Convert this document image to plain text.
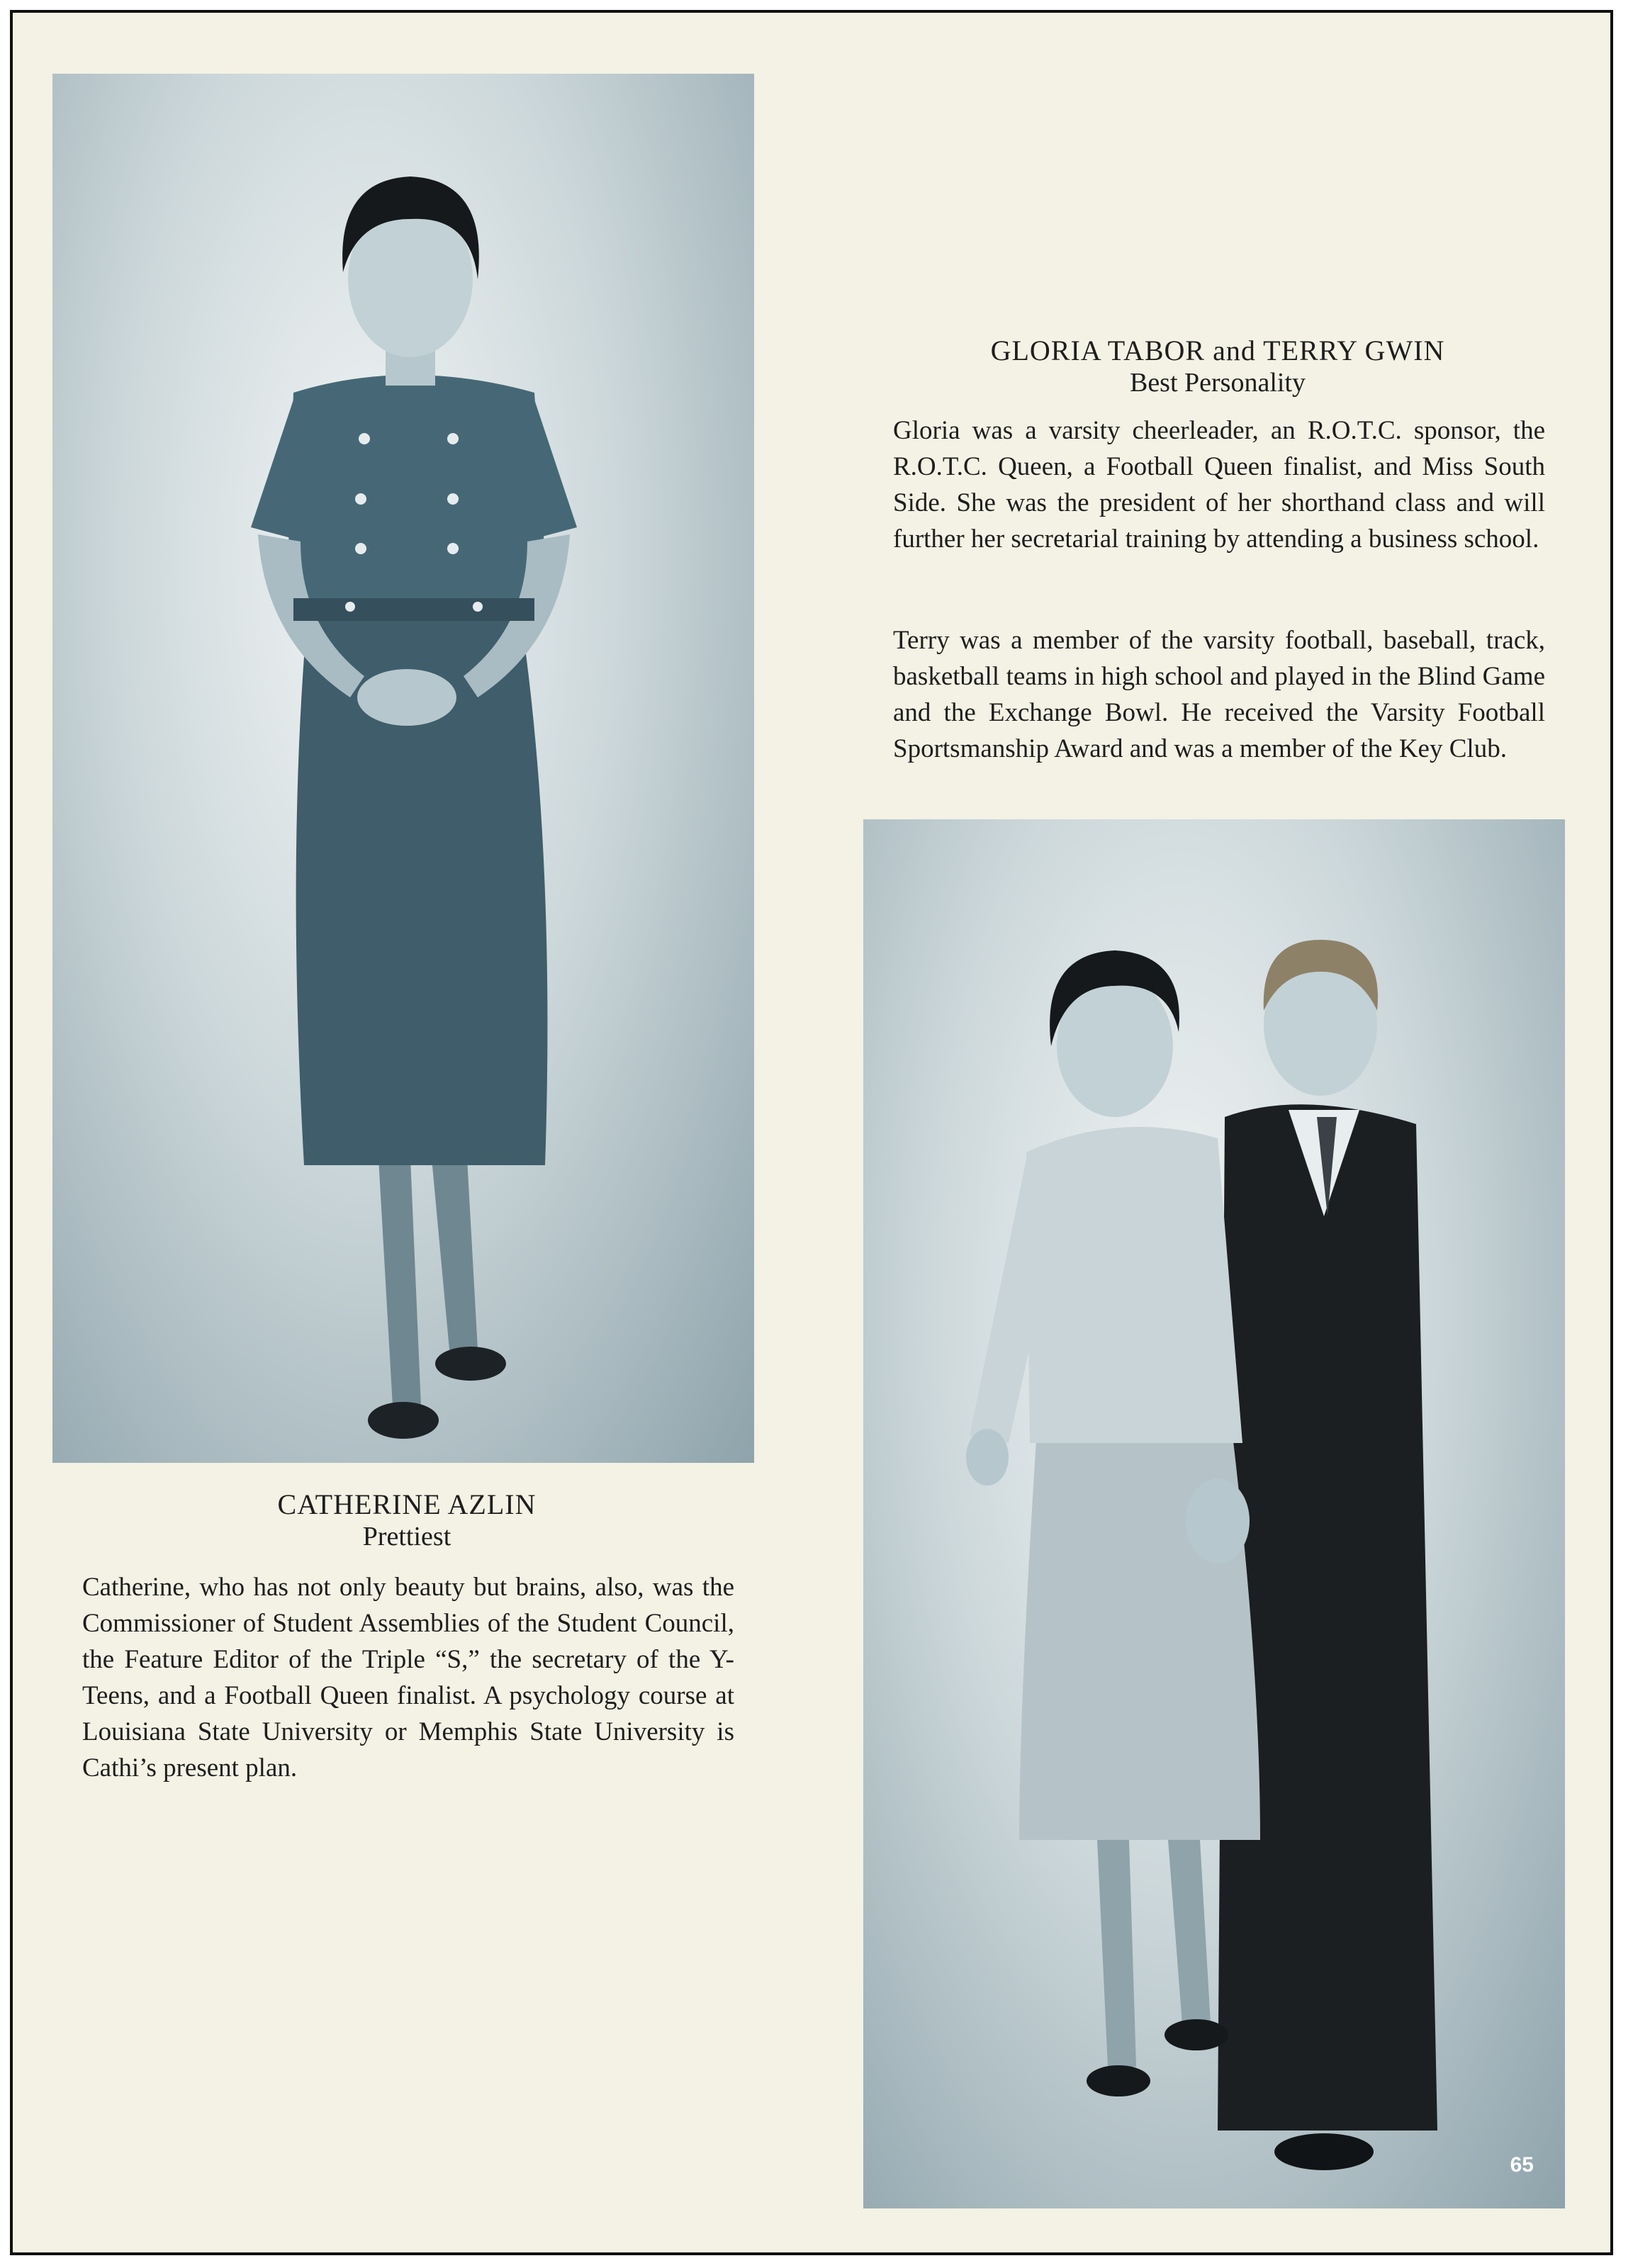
CATHERINE AZLIN
Prettiest

Catherine, who has not only beauty but brains, also, was the Commissioner of Student Assemblies of the Student Council, the Feature Editor of the Triple “S,” the secretary of the Y-Teens, and a Football Queen finalist. A psychology course at Louisiana State University or Memphis State University is Cathi’s present plan.

GLORIA TABOR and TERRY GWIN
Best Personality

Gloria was a varsity cheerleader, an R.O.T.C. sponsor, the R.O.T.C. Queen, a Football Queen finalist, and Miss South Side. She was the president of her shorthand class and will further her secretarial training by attending a business school.

Terry was a member of the varsity football, baseball, track, basketball teams in high school and played in the Blind Game and the Exchange Bowl. He received the Varsity Football Sportsmanship Award and was a member of the Key Club.

65
